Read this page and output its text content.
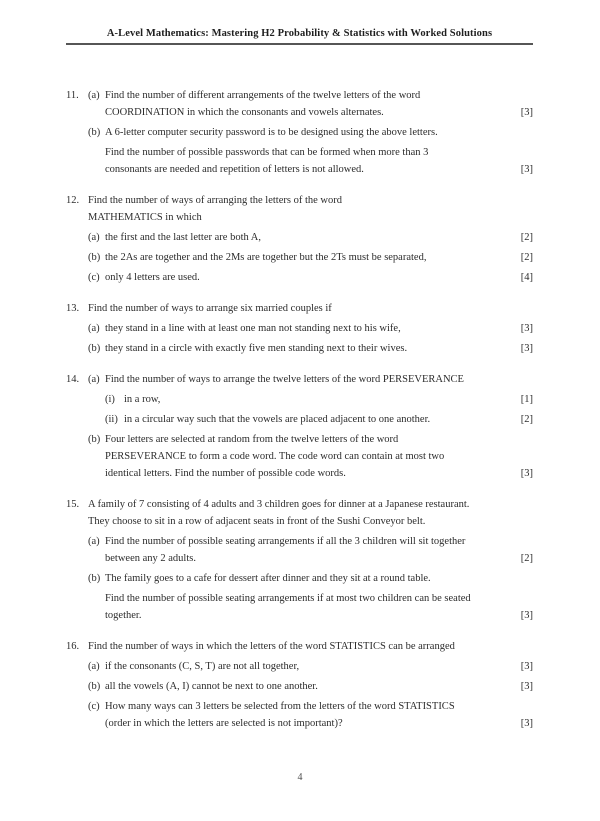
A-Level Mathematics: Mastering H2 Probability & Statistics with Worked Solutions
11. (a) Find the number of different arrangements of the twelve letters of the word
COORDINATION in which the consonants and vowels alternates.	[3]
(b) A 6-letter computer security password is to be designed using the above letters.
Find the number of possible passwords that can be formed when more than 3
consonants are needed and repetition of letters is not allowed.	[3]
12. Find the number of ways of arranging the letters of the word
MATHEMATICS in which
(a) the first and the last letter are both A,	[2]
(b) the 2As are together and the 2Ms are together but the 2Ts must be separated,	[2]
(c) only 4 letters are used.	[4]
13. Find the number of ways to arrange six married couples if
(a) they stand in a line with at least one man not standing next to his wife,	[3]
(b) they stand in a circle with exactly five men standing next to their wives.	[3]
14. (a) Find the number of ways to arrange the twelve letters of the word PERSEVERANCE
(i) in a row,	[1]
(ii) in a circular way such that the vowels are placed adjacent to one another.	[2]
(b) Four letters are selected at random from the twelve letters of the word
PERSEVERANCE to form a code word. The code word can contain at most two
identical letters. Find the number of possible code words.	[3]
15. A family of 7 consisting of 4 adults and 3 children goes for dinner at a Japanese restaurant.
They choose to sit in a row of adjacent seats in front of the Sushi Conveyor belt.
(a) Find the number of possible seating arrangements if all the 3 children will sit together
between any 2 adults.	[2]
(b) The family goes to a cafe for dessert after dinner and they sit at a round table.
Find the number of possible seating arrangements if at most two children can be seated
together.	[3]
16. Find the number of ways in which the letters of the word STATISTICS can be arranged
(a) if the consonants (C, S, T) are not all together,	[3]
(b) all the vowels (A, I) cannot be next to one another.	[3]
(c) How many ways can 3 letters be selected from the letters of the word STATISTICS
(order in which the letters are selected is not important)?	[3]
4
